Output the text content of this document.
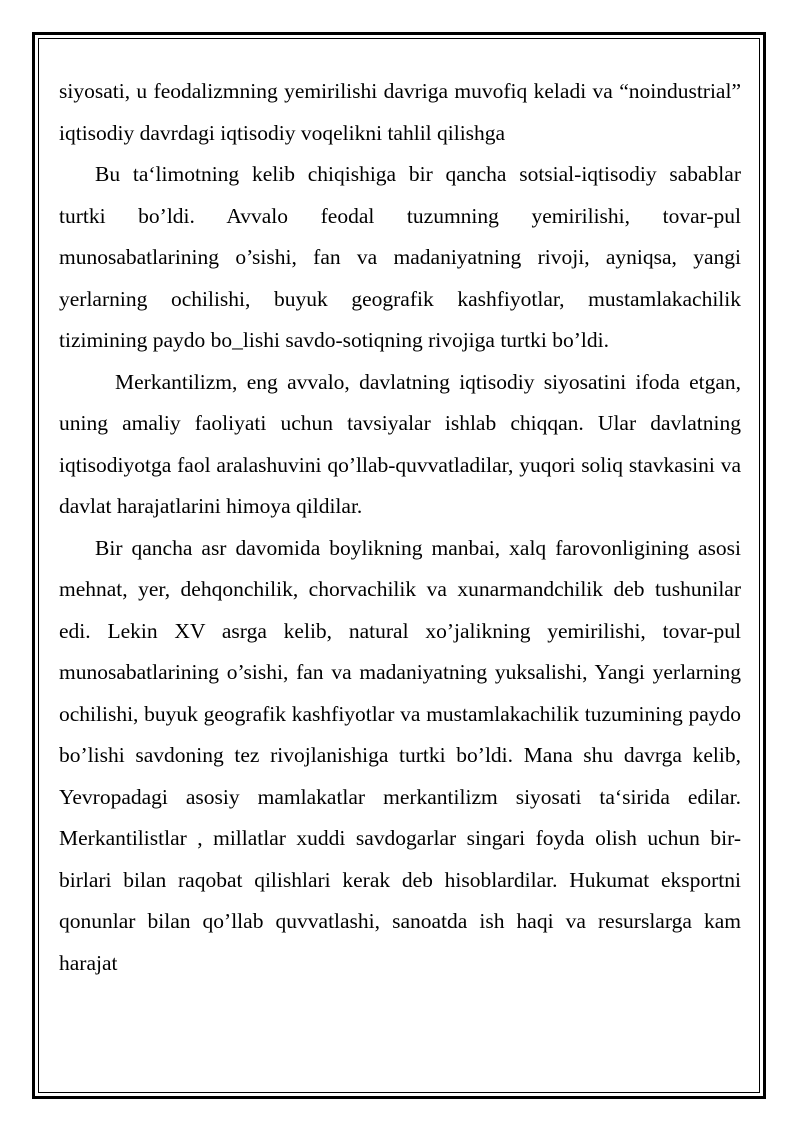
siyosati, u feodalizmning yemirilishi davriga muvofiq keladi va “noindustrial” iqtisodiy davrdagi iqtisodiy voqelikni tahlil qilishga

Bu ta‘limotning kelib chiqishiga bir qancha sotsial-iqtisodiy sabablar turtki bo’ldi. Avvalo feodal tuzumning yemirilishi, tovar-pul munosabatlarining o’sishi, fan va madaniyatning rivoji, ayniqsa, yangi yerlarning ochilishi, buyuk geografik kashfiyotlar, mustamlakachilik tizimining paydo bo_lishi savdo-sotiqning rivojiga turtki bo’ldi.

Merkantilizm, eng avvalo, davlatning iqtisodiy siyosatini ifoda etgan, uning amaliy faoliyati uchun tavsiyalar ishlab chiqqan. Ular davlatning iqtisodiyotga faol aralashuvini qo’llab-quvvatladilar, yuqori soliq stavkasini va davlat harajatlarini himoya qildilar.

Bir qancha asr davomida boylikning manbai, xalq farovonligining asosi mehnat, yer, dehqonchilik, chorvachilik va xunarmandchilik deb tushunilar edi. Lekin XV asrga kelib, natural xo’jalikning yemirilishi, tovar-pul munosabatlarining o’sishi, fan va madaniyatning yuksalishi, Yangi yerlarning ochilishi, buyuk geografik kashfiyotlar va mustamlakachilik tuzumining paydo bo’lishi savdoning tez rivojlanishiga turtki bo’ldi. Mana shu davrga kelib, Yevropadagi asosiy mamlakatlar merkantilizm siyosati ta‘sirida edilar. Merkantilistlar , millatlar xuddi savdogarlar singari foyda olish uchun bir-birlari bilan raqobat qilishlari kerak deb hisoblardilar. Hukumat eksportni qonunlar bilan qo’llab quvvatlashi, sanoatda ish haqi va resurslarga kam harajat
